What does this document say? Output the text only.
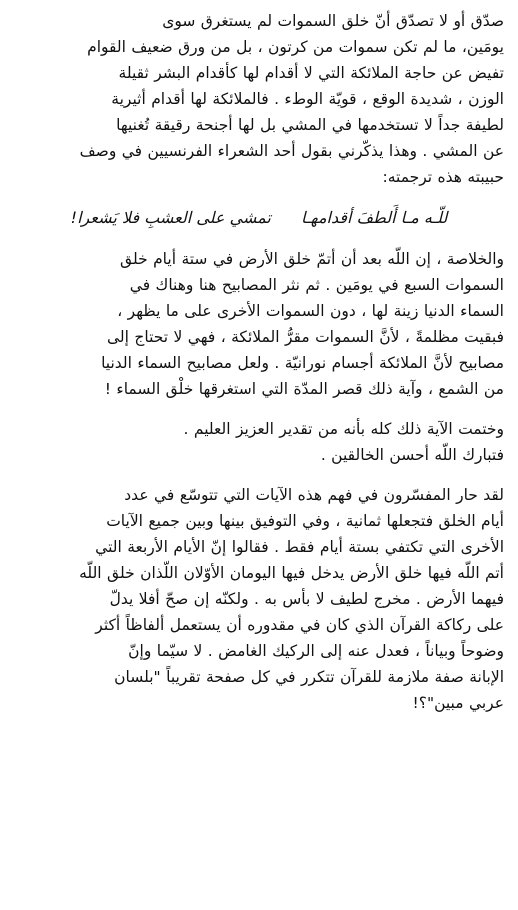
صدّق أو لا تصدّق أنّ خلق السموات لم يستغرق سوى
يومَين، ما لم تكن سموات من كرتون ، بل من ورق ضعيف القوام
تفيض عن حاجة الملائكة التي لا أقدام لها كأقدام البشر ثقيلة
الوزن ، شديدة الوقع ، قويّة الوطء . فالملائكة لها أقدام أثيرية
لطيفة جداً لا تستخدمها في المشي بل لها أجنحة رقيقة تُغنيها
عن المشي . وهذا يذكّرني بقول أحد الشعراء الفرنسيين في وصف
حبيبته هذه ترجمته:

للّـه مـا أَلطفَ أقدامهـا  تمشي على العشبِ فلا يَشعرا!

والخلاصة ، إن اللّه بعد أن أتمّ خلق الأرض في ستة أيام خلق
السموات السبع في يومَين . ثم نثر المصابيح هنا وهناك في
السماء الدنيا زينة لها ، دون السموات الأخرى على ما يظهر ،
فبقيت مظلمةً ، لأنَّ السموات مقرُّ الملائكة ، فهي لا تحتاج إلى
مصابيح لأنَّ الملائكة أجسام نورانيّة . ولعل مصابيح السماء الدنيا
من الشمع ، وآية ذلك قصر المدّة التي استغرقها خلْق السماء !

وختمت الآية ذلك كله بأنه من تقدير العزيز العليم .
فتبارك اللّه أحسن الخالقين .

لقد حار المفسّرون في فهم هذه الآيات التي تتوسّع في عدد
أيام الخلق فتجعلها ثمانية ، وفي التوفيق بينها وبين جميع الآيات
الأخرى التي تكتفي بستة أيام فقط . فقالوا إنّ الأيام الأربعة التي
أتم اللّه فيها خلق الأرض يدخل فيها اليومان الأوّلان اللّذان خلق اللّه
فيهما الأرض . مخرج لطيف لا بأس به . ولكنّه إن صحّ أفلا يدلّ
على ركاكة القرآن الذي كان في مقدوره أن يستعمل ألفاظاً أكثر
وضوحاً وبياناً ، فعدل عنه إلى الركيك الغامض . لا سيّما وإنّ
الإبانة صفة ملازمة للقرآن تتكرر في كل صفحة تقريباً "بلسان
عربي مبين"؟!
